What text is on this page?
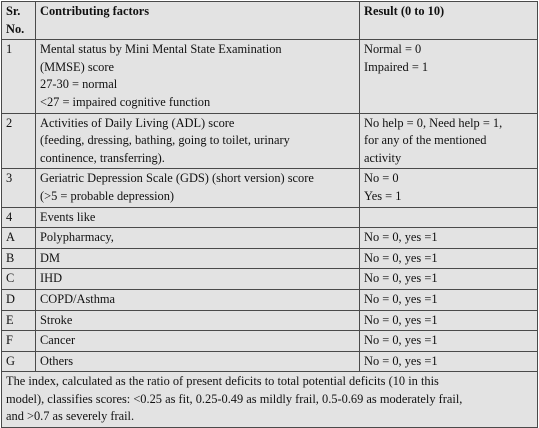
Sr.
No.	Contributing factors	Result (0 to 10)
1	Mental status by Mini Mental State Examination
(MMSE) score
27-30 = normal
<27 = impaired cognitive function	Normal = 0
Impaired = 1

2	Activities of Daily Living (ADL) score
(feeding, dressing, bathing, going to toilet, urinary
continence, transferring).	No help = 0, Need help = 1,
for any of the mentioned
activity

3	Geriatric Depression Scale (GDS) (short version) score
(>5 = probable depression)	No = 0
Yes = 1

4	Events like	

A	Polypharmacy,	No = 0, yes =1

B	DM	No = 0, yes =1

C	IHD	No = 0, yes =1

D	COPD/Asthma	No = 0, yes =1

E	Stroke	No = 0, yes =1

F	Cancer	No = 0, yes =1

G	Others	No = 0, yes =1

The index, calculated as the ratio of present deficits to total potential deficits (10 in this
model), classifies scores: <0.25 as fit, 0.25-0.49 as mildly frail, 0.5-0.69 as moderately frail,
and >0.7 as severely frail.		
